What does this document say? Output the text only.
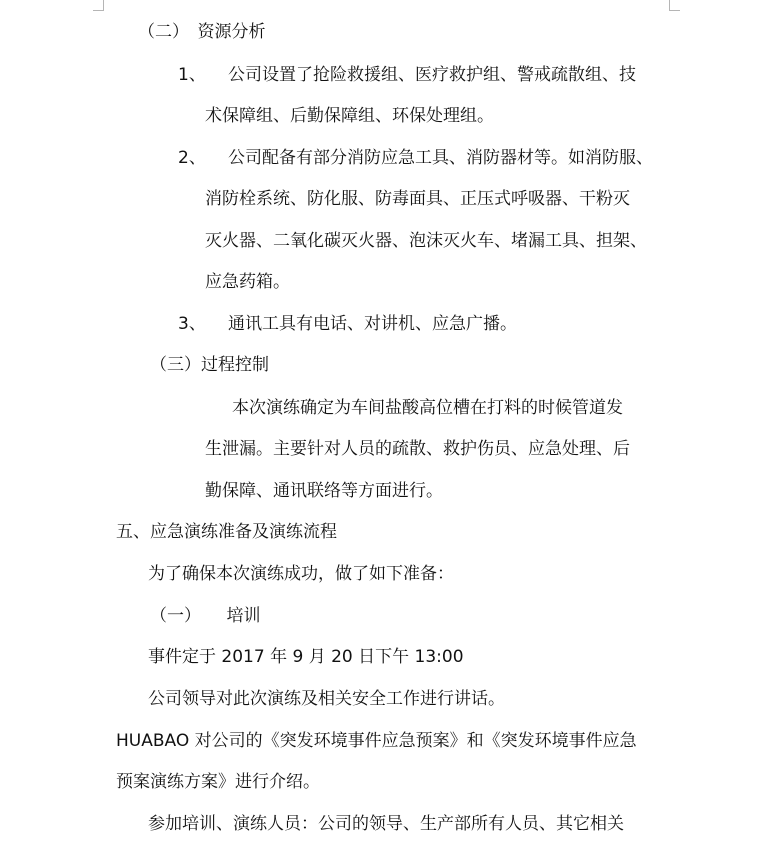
（二）　资源分析
1、 公司设置了抢险救援组、医疗救护组、警戒疏散组、技
术保障组、后勤保障组、环保处理组。
2、 公司配备有部分消防应急工具、消防器材等。如消防服、
消防栓系统、防化服、防毒面具、正压式呼吸器、干粉灭
灭火器、二氧化碳灭火器、泡沫灭火车、堵漏工具、担架、
应急药箱。
3、 通讯工具有电话、对讲机、应急广播。
（三）过程控制
本次演练确定为车间盐酸高位槽在打料的时候管道发
生泄漏。主要针对人员的疏散、救护伤员、应急处理、后
勤保障、通讯联络等方面进行。
五、应急演练准备及演练流程
为了确保本次演练成功，做了如下准备：
（一）　　培训
事件定于 2017 年 9 月 20 日下午 13:00
公司领导对此次演练及相关安全工作进行讲话。
HUABAO 对公司的《突发环境事件应急预案》和《突发环境事件应急
预案演练方案》进行介绍。
参加培训、演练人员：公司的领导、生产部所有人员、其它相关
